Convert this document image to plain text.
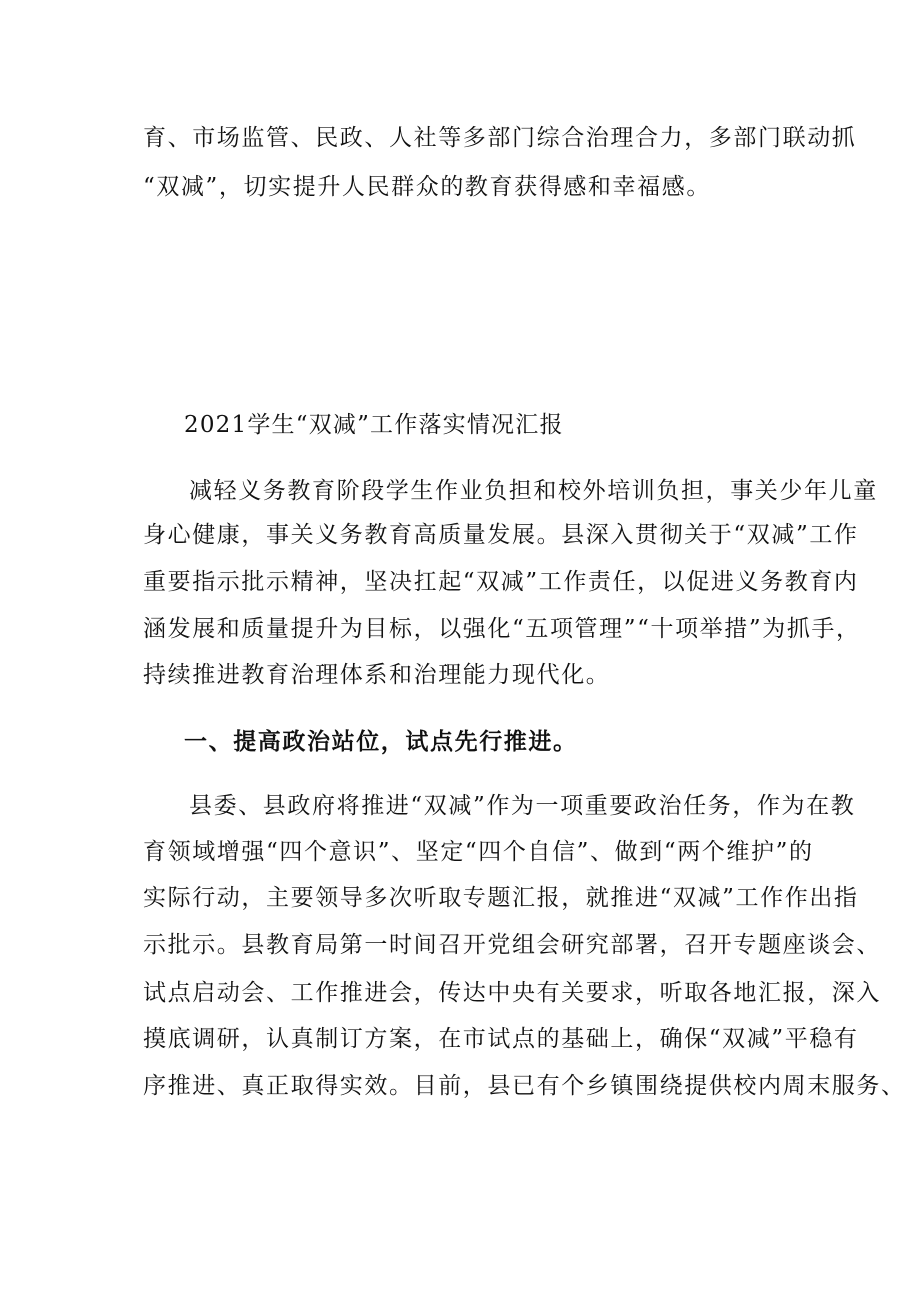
育、市场监管、民政、人社等多部门综合治理合力，多部门联动抓
“双减”，切实提升人民群众的教育获得感和幸福感。
2021学生“双减”工作落实情况汇报
减轻义务教育阶段学生作业负担和校外培训负担，事关少年儿童
身心健康，事关义务教育高质量发展。县深入贯彻关于“双减”工作
重要指示批示精神，坚决扛起“双减”工作责任，以促进义务教育内
涵发展和质量提升为目标，以强化“五项管理”“十项举措”为抓手，
持续推进教育治理体系和治理能力现代化。
一、提高政治站位，试点先行推进。
县委、县政府将推进“双减”作为一项重要政治任务，作为在教
育领域增强“四个意识”、坚定“四个自信”、做到“两个维护”的
实际行动，主要领导多次听取专题汇报，就推进“双减”工作作出指
示批示。县教育局第一时间召开党组会研究部署，召开专题座谈会、
试点启动会、工作推进会，传达中央有关要求，听取各地汇报，深入
摸底调研，认真制订方案，在市试点的基础上，确保“双减”平稳有
序推进、真正取得实效。目前，县已有个乡镇围绕提供校内周末服务、
